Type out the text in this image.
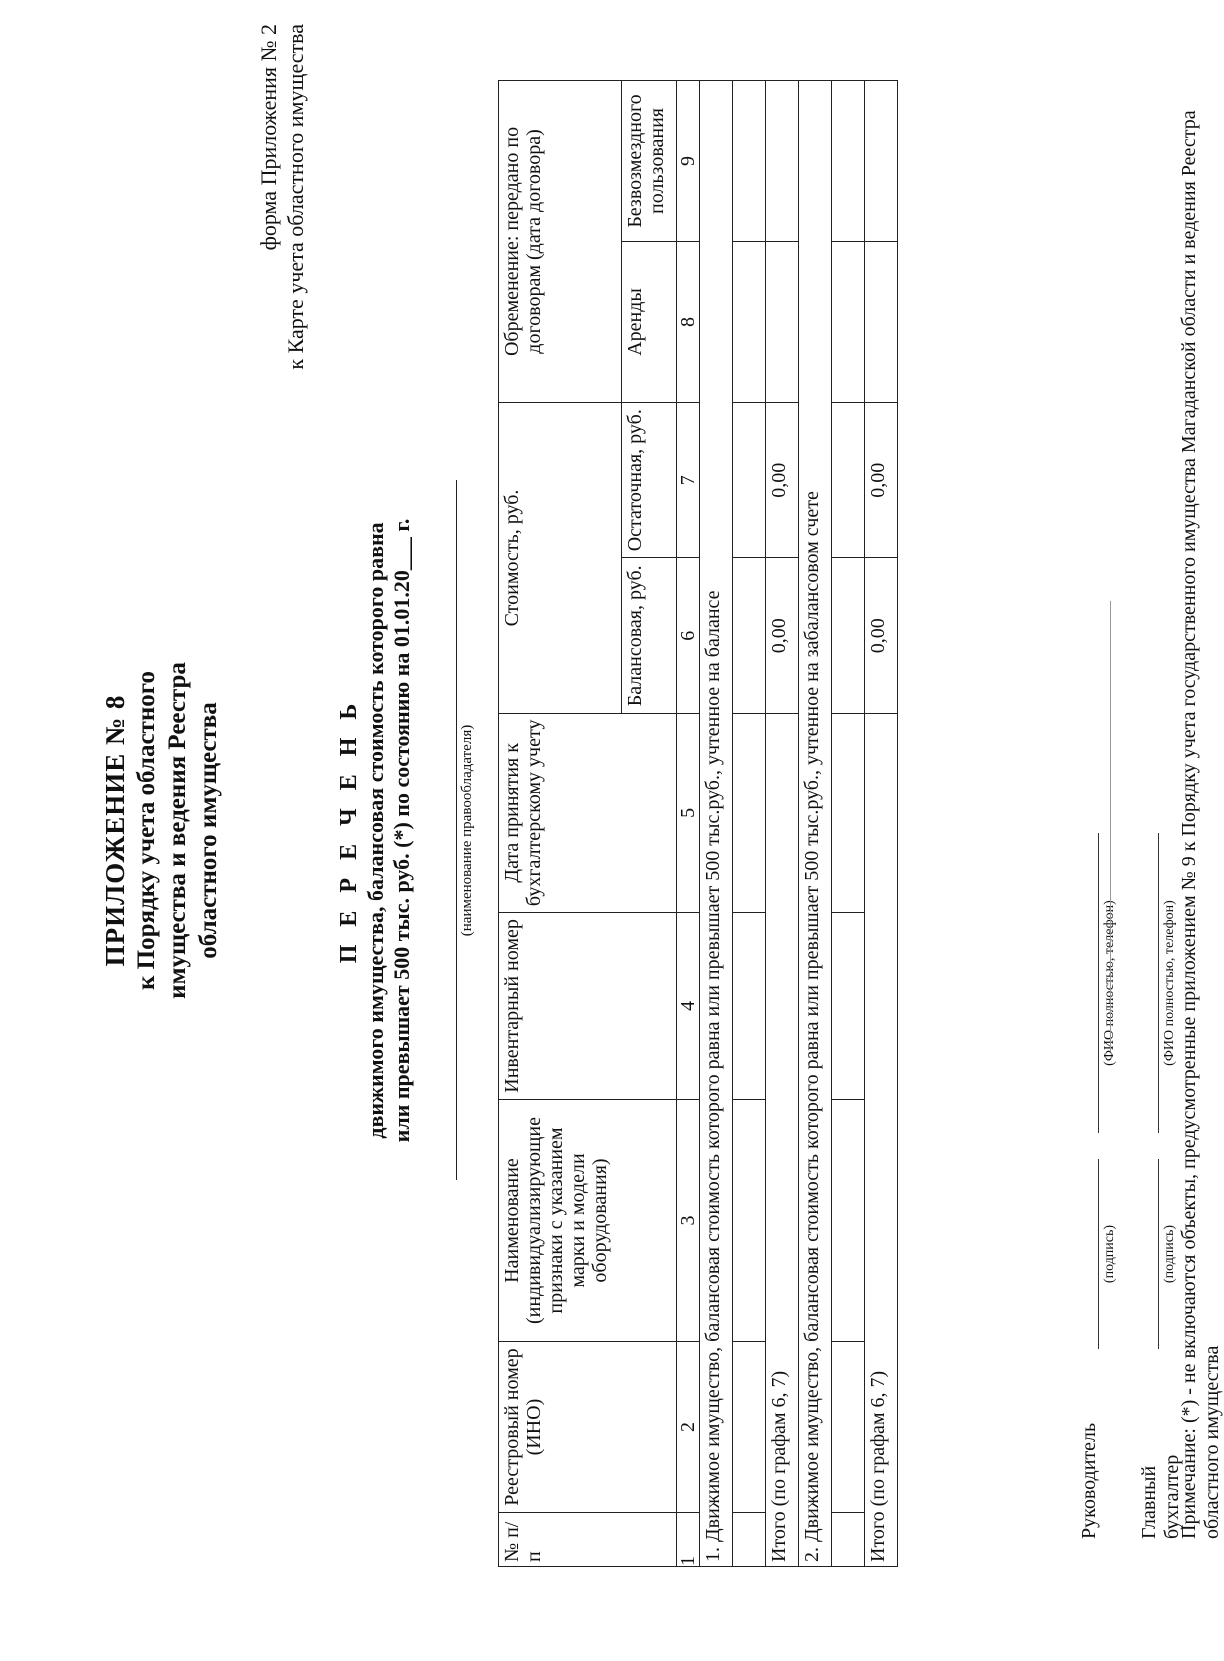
ПРИЛОЖЕНИЕ № 8 к Порядку учета областного имущества и ведения Реестра областного имущества
форма Приложения № 2 к Карте учета областного имущества
П Е Р Е Ч Е Н Ь движимого имущества, балансовая стоимость которого равна или превышает 500 тыс. руб. (*) по состоянию на 01.01.20___ г.	(наименование правообладателя)
№ п/п	Реестровый номер (ИНО)	Наименование (индивидуализирующие признаки с указанием марки и модели оборудования)	Инвентарный номер	Дата принятия к бухгалтерскому учету	Стоимость, руб.		Обременение: передано по договорам (дата договора)	
					Балансовая, руб.	Остаточная, руб.	Аренды	Безвозмездного пользования
1	2	3	4	5	6	7	8	9
1. Движимое имущество, балансовая стоимость которого равна или превышает 500 тыс.руб., учтенное на балансе								

Итого (по графам 6, 7)					0,00	0,00		
2. Движимое имущество, балансовая стоимость которого равна или превышает 500 тыс.руб., учтенное на забалансовом счете								

Итого (по графам 6, 7)					0,00	0,00		
Руководитель
(подпись)
(ФИО полностью, телефон)
Главный бухгалтер
(подпись)
(ФИО полностью, телефон) Примечание: (*) - не включаются объекты, предусмотренные приложением № 9 к Порядку учета государственного имущества Магаданской области и ведения Реестра областного имущества
